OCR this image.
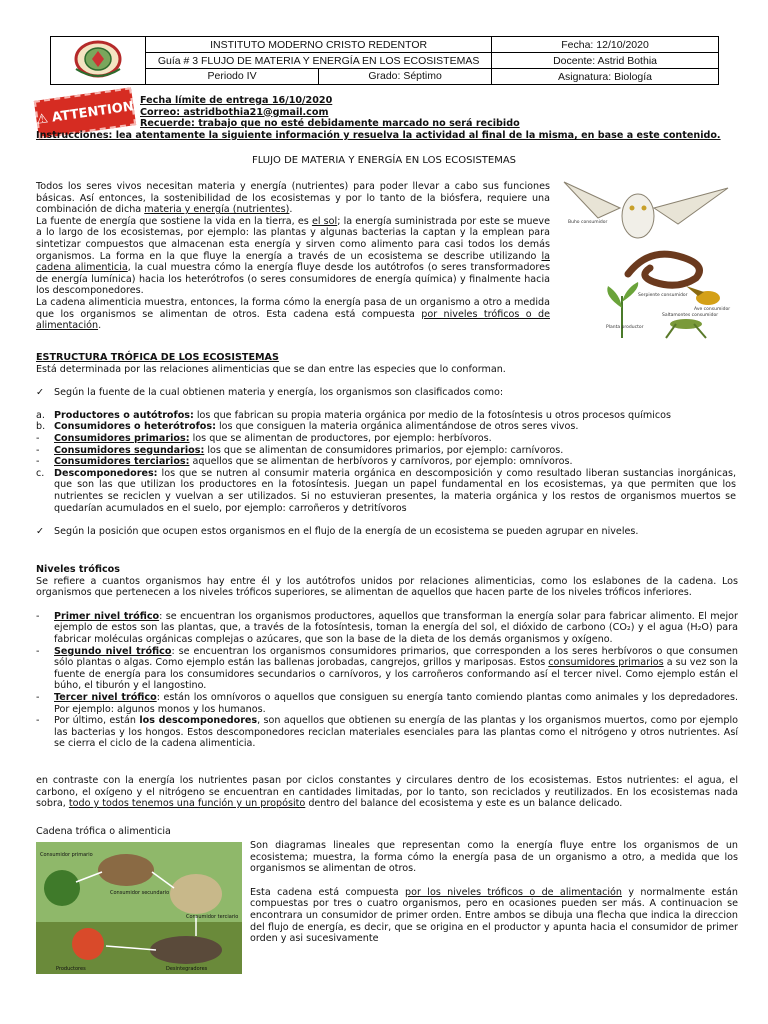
	INSTITUTO MODERNO CRISTO REDENTOR	Fecha: 12/10/2020
	Guía # 3 FLUJO DE MATERIA Y ENERGÍA EN LOS ECOSISTEMAS	Docente: Astrid Bothia

	Periodo IV Grado: Séptimo	Asignatura: Biología
⚠ ATTENTION Fecha límite de entrega 16/10/2020
Correo: astridbothia21@gmail.com
Recuerde: trabajo que no esté debidamente marcado no será recibido
Instrucciones: lea atentamente la siguiente información y resuelva la actividad al final de la misma, en base a este contenido.
FLUJO DE MATERIA Y ENERGÍA EN LOS ECOSISTEMAS
Todos los seres vivos necesitan materia y energía (nutrientes) para poder llevar a cabo sus funciones básicas. Así entonces, la sostenibilidad de los ecosistemas y por lo tanto de la biósfera, requiere una combinación de dicha materia y energía (nutrientes).
La fuente de energía que sostiene la vida en la tierra, es el sol; la energía suministrada por este se mueve a lo largo de los ecosistemas, por ejemplo: las plantas y algunas bacterias la captan y la emplean para sintetizar compuestos que almacenan esta energía y sirven como alimento para casi todos los demás organismos. La forma en la que fluye la energía a través de un ecosistema se describe utilizando la cadena alimenticia, la cual muestra cómo la energía fluye desde los autótrofos (o seres transformadores de energía lumínica) hacia los heterótrofos (o seres consumidores de energía química) y finalmente hacia los descomponedores.
La cadena alimenticia muestra, entonces, la forma cómo la energía pasa de un organismo a otro a medida que los organismos se alimentan de otros. Esta cadena está compuesta por niveles tróficos o de alimentación.
Buho consumidor
Serpiente consumidor
Ave consumidor
Saltamontes consumidor
Planta productor
ESTRUCTURA TRÓFICA DE LOS ECOSISTEMAS
Está determinada por las relaciones alimenticias que se dan entre las especies que lo conforman.
✓	Según la fuente de la cual obtienen materia y energía, los organismos son clasificados como:
a. Productores o autótrofos: los que fabrican su propia materia orgánica por medio de la fotosíntesis u otros procesos químicos
b. Consumidores o heterótrofos: los que consiguen la materia orgánica alimentándose de otros seres vivos.
-	Consumidores primarios: los que se alimentan de productores, por ejemplo: herbívoros.
-	Consumidores segundarios: los que se alimentan de consumidores primarios, por ejemplo: carnívoros.
-	Consumidores terciarios: aquellos que se alimentan de herbívoros y carnívoros, por ejemplo: omnívoros.
c.	Descomponedores: los que se nutren al consumir materia orgánica en descomposición y como resultado liberan sustancias inorgánicas, que son las que utilizan los productores en la fotosíntesis. Juegan un papel fundamental en los ecosistemas, ya que permiten que los nutrientes se reciclen y vuelvan a ser utilizados. Si no estuvieran presentes, la materia orgánica y los restos de organismos muertos se quedarían acumulados en el suelo, por ejemplo: carroñeros y detritívoros
✓	Según la posición que ocupen estos organismos en el flujo de la energía de un ecosistema se pueden agrupar en niveles.
Niveles tróficos
Se refiere a cuantos organismos hay entre él y los autótrofos unidos por relaciones alimenticias, como los eslabones de la cadena. Los organismos que pertenecen a los niveles tróficos superiores, se alimentan de aquellos que hacen parte de los niveles tróficos inferiores.
-	Primer nivel trófico: se encuentran los organismos productores, aquellos que transforman la energía solar para fabricar alimento. El mejor ejemplo de estos son las plantas, que, a través de la fotosíntesis, toman la energía del sol, el dióxido de carbono (CO₂) y el agua (H₂O) para fabricar moléculas orgánicas complejas o azúcares, que son la base de la dieta de los demás organismos y oxígeno.
-	Segundo nivel trófico: se encuentran los organismos consumidores primarios, que corresponden a los seres herbívoros o que consumen sólo plantas o algas. Como ejemplo están las ballenas jorobadas, cangrejos, grillos y mariposas. Estos consumidores primarios a su vez son la fuente de energía para los consumidores secundarios o carnívoros, y los carroñeros conformando así el tercer nivel. Como ejemplo están el búho, el tiburón y el langostino.
-	Tercer nivel trófico: están los omnívoros o aquellos que consiguen su energía tanto comiendo plantas como animales y los depredadores. Por ejemplo: algunos monos y los humanos.
-	Por último, están los descomponedores, son aquellos que obtienen su energía de las plantas y los organismos muertos, como por ejemplo las bacterias y los hongos. Estos descomponedores reciclan materiales esenciales para las plantas como el nitrógeno y otros nutrientes. Así se cierra el ciclo de la cadena alimenticia.
en contraste con la energía los nutrientes pasan por ciclos constantes y circulares dentro de los ecosistemas. Estos nutrientes: el agua, el carbono, el oxígeno y el nitrógeno se encuentran en cantidades limitadas, por lo tanto, son reciclados y reutilizados. En los ecosistemas nada sobra, todo y todos tenemos una función y un propósito dentro del balance del ecosistema y este es un balance delicado.
Cadena trófica o alimenticia
Consumidor primario
Consumidor secundario
Consumidor terciario
Productores	Desintegradores
Son diagramas lineales que representan como la energía fluye entre los organismos de un ecosistema; muestra, la forma cómo la energía pasa de un organismo a otro, a medida que los organismos se alimentan de otros.
Esta cadena está compuesta por los niveles tróficos o de alimentación y normalmente están compuestas por tres o cuatro organismos, pero en ocasiones pueden ser más. A continuacion se encontrara un consumidor de primer orden. Entre ambos se dibuja una flecha que indica la direccion del flujo de energía, es decir, que se origina en el productor y apunta hacia el consumidor de primer orden y asi sucesivamente
